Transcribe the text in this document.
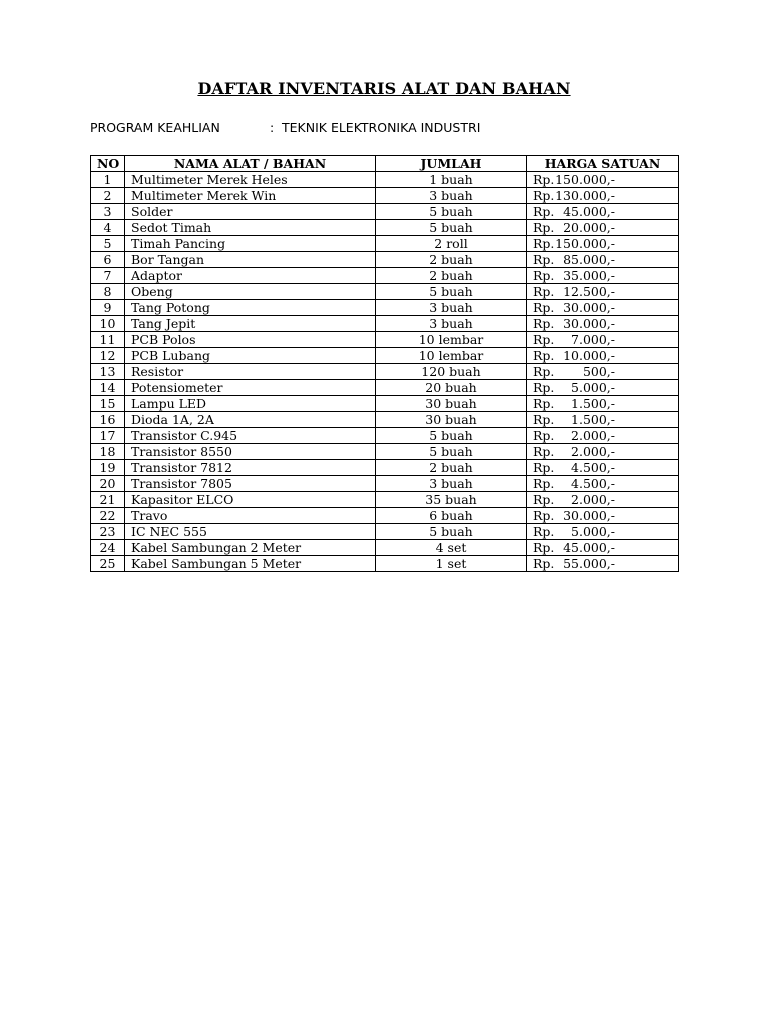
DAFTAR INVENTARIS ALAT DAN BAHAN
PROGRAM KEAHLIAN	: TEKNIK ELEKTRONIKA INDUSTRI
NO	NAMA ALAT / BAHAN	JUMLAH	HARGA SATUAN
1	Multimeter Merek Heles	1 buah	Rp.150.000,-
2	Multimeter Merek Win	3 buah	Rp.130.000,-
3	Solder	5 buah	Rp. 45.000,-
4	Sedot Timah	5 buah	Rp. 20.000,-
5	Timah Pancing	2 roll	Rp.150.000,-
6	Bor Tangan	2 buah	Rp. 85.000,-
7	Adaptor	2 buah	Rp. 35.000,-
8	Obeng	5 buah	Rp. 12.500,-
9	Tang Potong	3 buah	Rp. 30.000,-
10	Tang Jepit	3 buah	Rp. 30.000,-
11	PCB Polos	10 lembar	Rp. 7.000,-
12	PCB Lubang	10 lembar	Rp. 10.000,-
13	Resistor	120 buah	Rp. 500,-
14	Potensiometer	20 buah	Rp. 5.000,-
15	Lampu LED	30 buah	Rp. 1.500,-
16	Dioda 1A, 2A	30 buah	Rp. 1.500,-
17	Transistor C.945	5 buah	Rp. 2.000,-
18	Transistor 8550	5 buah	Rp. 2.000,-
19	Transistor 7812	2 buah	Rp. 4.500,-
20	Transistor 7805	3 buah	Rp. 4.500,-
21	Kapasitor ELCO	35 buah	Rp. 2.000,-
22	Travo	6 buah	Rp. 30.000,-
23	IC NEC 555	5 buah	Rp. 5.000,-
24	Kabel Sambungan 2 Meter	4 set	Rp. 45.000,-
25	Kabel Sambungan 5 Meter	1 set	Rp. 55.000,-
